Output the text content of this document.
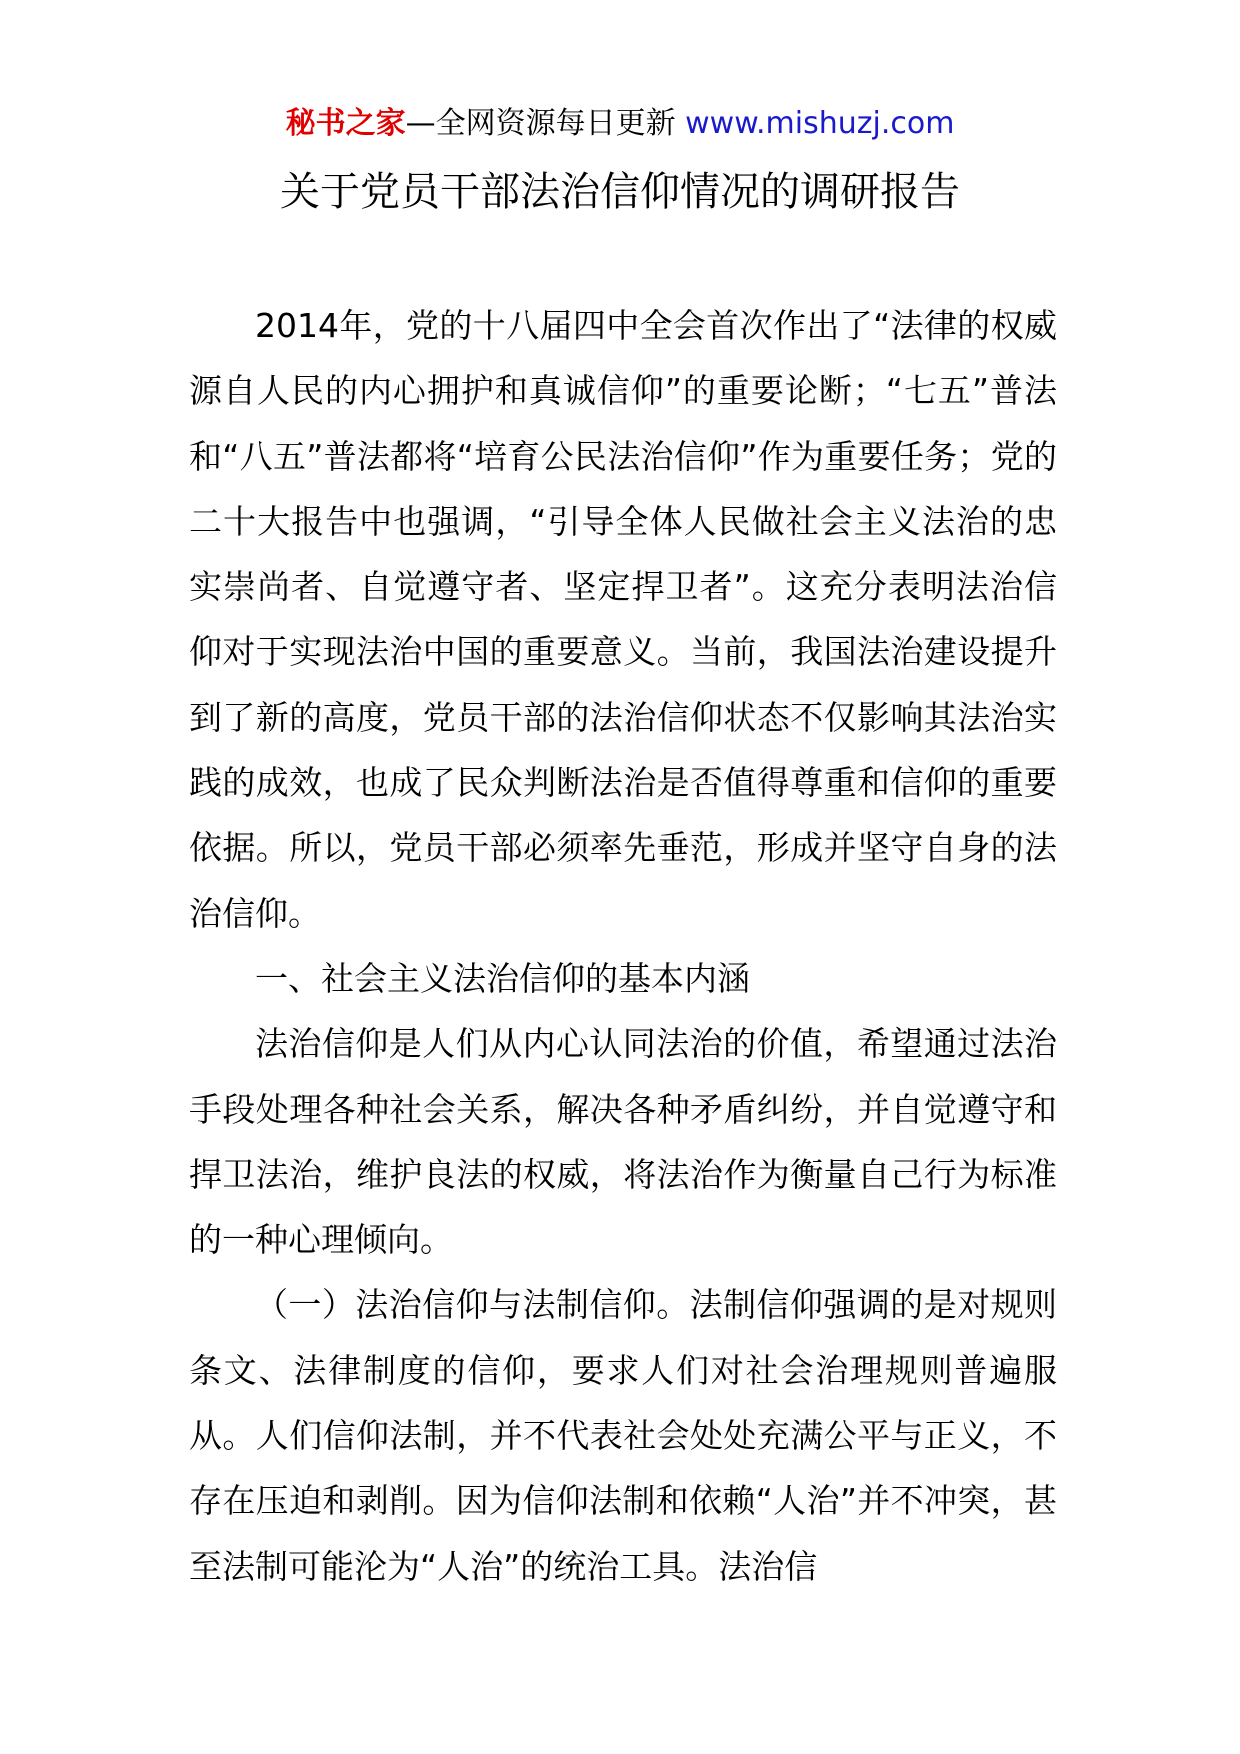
秘书之家—全网资源每日更新 www.mishuzj.com
关于党员干部法治信仰情况的调研报告

2014年，党的十八届四中全会首次作出了“法律的权威源自人民的内心拥护和真诚信仰”的重要论断；“七五”普法和“八五”普法都将“培育公民法治信仰”作为重要任务；党的二十大报告中也强调，“引导全体人民做社会主义法治的忠实崇尚者、自觉遵守者、坚定捍卫者”。这充分表明法治信仰对于实现法治中国的重要意义。当前，我国法治建设提升到了新的高度，党员干部的法治信仰状态不仅影响其法治实践的成效，也成了民众判断法治是否值得尊重和信仰的重要依据。所以，党员干部必须率先垂范，形成并坚守自身的法治信仰。

一、社会主义法治信仰的基本内涵

法治信仰是人们从内心认同法治的价值，希望通过法治手段处理各种社会关系，解决各种矛盾纠纷，并自觉遵守和捍卫法治，维护良法的权威，将法治作为衡量自己行为标准的一种心理倾向。

（一）法治信仰与法制信仰。法制信仰强调的是对规则条文、法律制度的信仰，要求人们对社会治理规则普遍服从。人们信仰法制，并不代表社会处处充满公平与正义，不存在压迫和剥削。因为信仰法制和依赖“人治”并不冲突，甚至法制可能沦为“人治”的统治工具。法治信
